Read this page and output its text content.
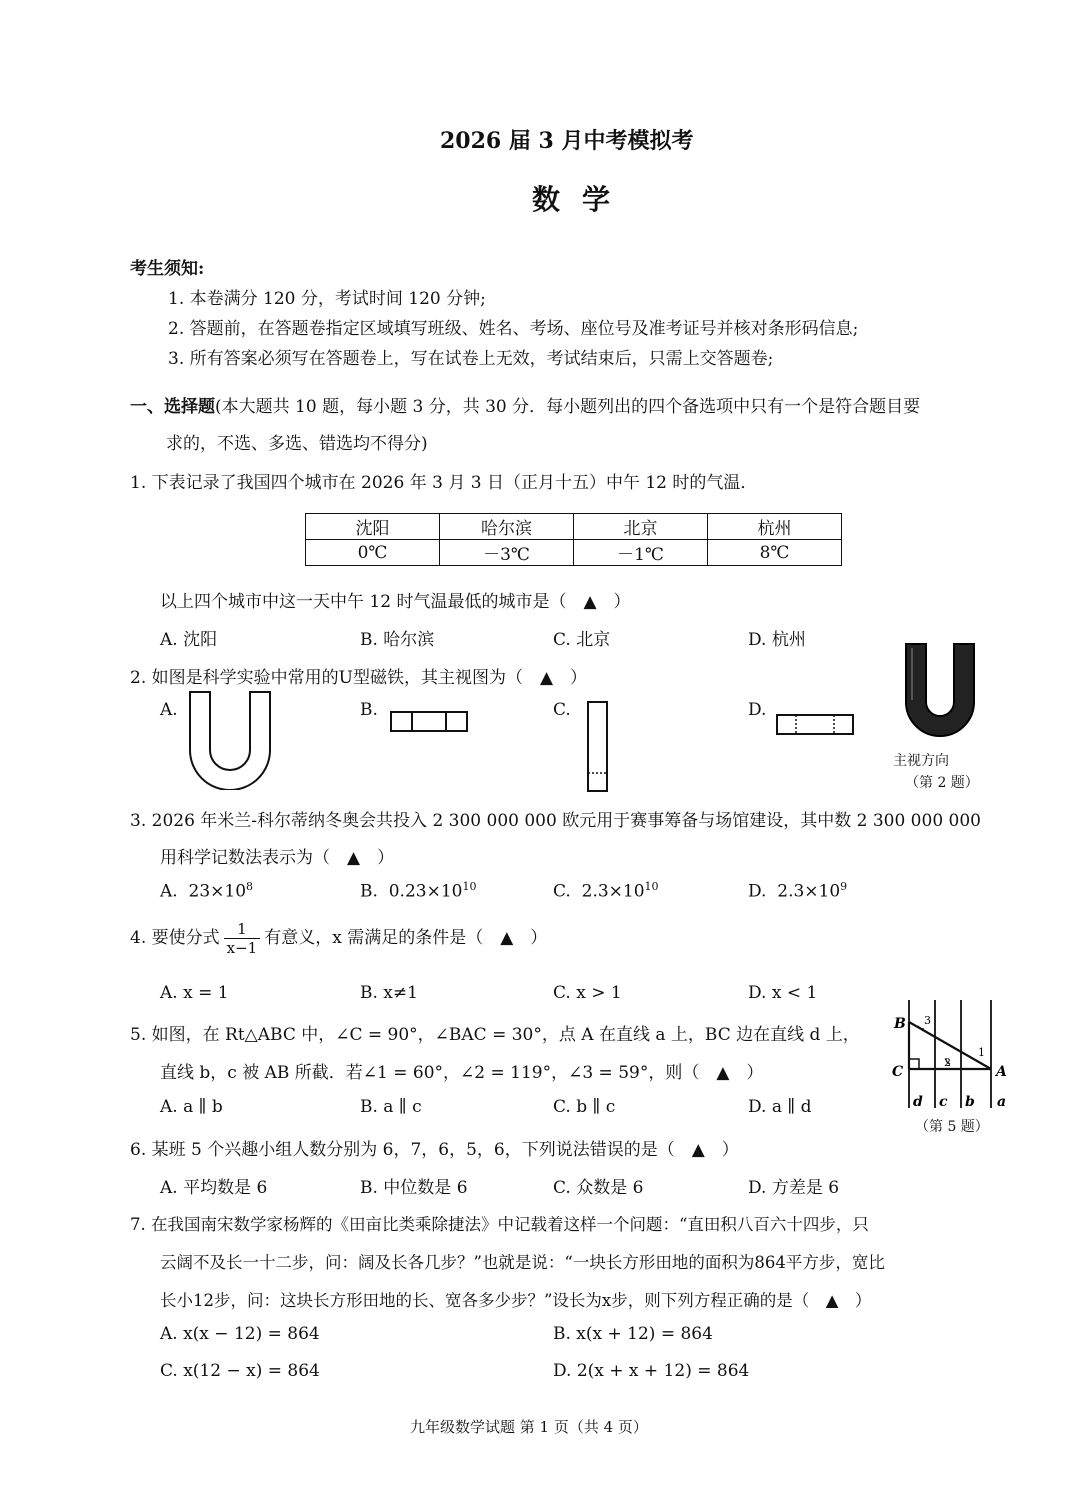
2026 届 3 月中考模拟考
数学
考生须知:
1. 本卷满分 120 分，考试时间 120 分钟;
2. 答题前，在答题卷指定区域填写班级、姓名、考场、座位号及准考证号并核对条形码信息;
3. 所有答案必须写在答题卷上，写在试卷上无效，考试结束后，只需上交答题卷;
一、选择题(本大题共 10 题，每小题 3 分，共 30 分．每小题列出的四个备选项中只有一个是符合题目要
求的，不选、多选、错选均不得分)
1. 下表记录了我国四个城市在 2026 年 3 月 3 日（正月十五）中午 12 时的气温．
沈阳	哈尔滨	北京	杭州
0℃	－3℃	－1℃	8℃
以上四个城市中这一天中午 12 时气温最低的城市是（　▲　）
A. 沈阳	B. 哈尔滨	C. 北京	D. 杭州
2. 如图是科学实验中常用的U型磁铁，其主视图为（　▲　）
A.	B.	C.	D.
主视方向
（第 2 题）
3. 2026 年米兰-科尔蒂纳冬奥会共投入 2 300 000 000 欧元用于赛事筹备与场馆建设，其中数 2 300 000 000
用科学记数法表示为（　▲　）
A. $23\times 10^8$	B. $0.23\times 10^{10}$	C. $2.3\times 10^{10}$	D. $2.3\times 10^9$
4. 要使分式 $\frac{1}{x-1}$ 有意义，x 需满足的条件是（　▲　）
A. x = 1	B. x≠1	C. x > 1	D. x < 1
5. 如图，在 Rt△ABC 中，∠C = 90°，∠BAC = 30°，点 A 在直线 a 上，BC 边在直线 d 上，
直线 b，c 被 AB 所截．若∠1 = 60°，∠2 = 119°，∠3 = 59°，则（　▲　）
A. a ∥ b	B. a ∥ c	C. b ∥ c	D. a ∥ d
B
C	A
3
2
1
d c b a
（第 5 题）
6. 某班 5 个兴趣小组人数分别为 6，7，6，5，6，下列说法错误的是（　▲　）
A. 平均数是 6	B. 中位数是 6	C. 众数是 6	D. 方差是 6
7. 在我国南宋数学家杨辉的《田亩比类乘除捷法》中记载着这样一个问题：“直田积八百六十四步，只
云阔不及长一十二步，问：阔及长各几步？”也就是说：“一块长方形田地的面积为864平方步，宽比
长小12步，问：这块长方形田地的长、宽各多少步？”设长为x步，则下列方程正确的是（　▲　）
A. x(x − 12) = 864	B. x(x + 12) = 864
C. x(12 − x) = 864	D. 2(x + x + 12) = 864
九年级数学试题 第 1 页（共 4 页）
